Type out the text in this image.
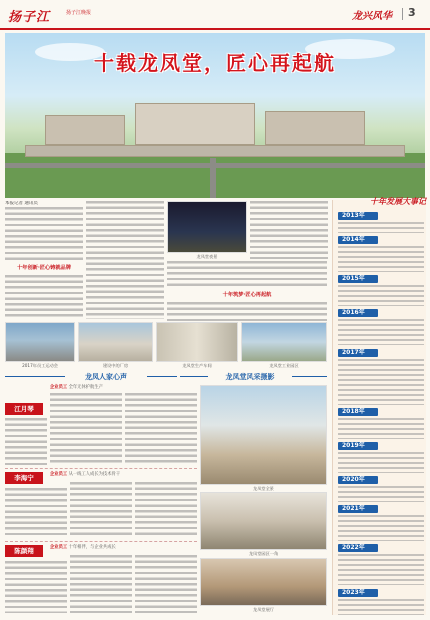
扬子江	扬子江晚报	龙兴风华 3
十载龙凤堂，匠心再起航
本报记者 通讯员
十年创新·匠心铸就品牌
龙凤堂夜景
十年筑梦·匠心再起航
2017年员工运动会	建设中的厂房	龙凤堂生产车间	龙凤堂工业园区
龙凤人家心声	龙凤堂风采摄影
企业员工 全年无休护航生产
江月琴
龙凤堂全景
李海宁	企业员工 从一线工人成长为技术骨干
陈颜翔	企业员工 十年相伴，与企业共成长
龙凤堂园区一角
龙凤堂展厅
十年发展大事记
2013年
2014年
2015年
2016年
2017年
2018年
2019年
2020年
2021年
2022年
2023年
